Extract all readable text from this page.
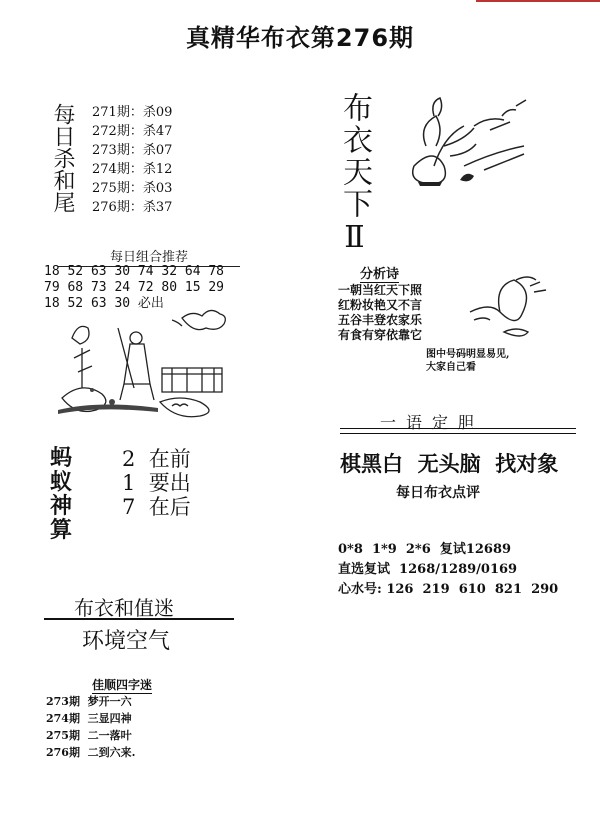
真精华布衣第276期
每日杀和尾 271期：杀09
272期：杀47
273期：杀07
274期：杀12
275期：杀03
276期：杀37
每日组合推荐
18 52 63 30 74 32 64 78
79 68 73 24 72 80 15 29
18 52 63 30 必出
蚂
蚁
神
算
2  在前
1  要出
7  在后
布衣天下Ⅱ
分析诗
一朝当红天下照
红粉妆艳又不言
五谷丰登农家乐
有食有穿依靠它
图中号码明显易见,
大家自己看
一语定胆
棋黑白  无头脑  找对象
每日布衣点评
0*8  1*9  2*6  复试12689
直选复试  1268/1289/0169
心水号: 126  219  610  821  290
布衣和值迷
环境空气
佳顺四字迷
273期  梦开一六
274期  三显四神
275期  二一落叶
276期  二到六来.
